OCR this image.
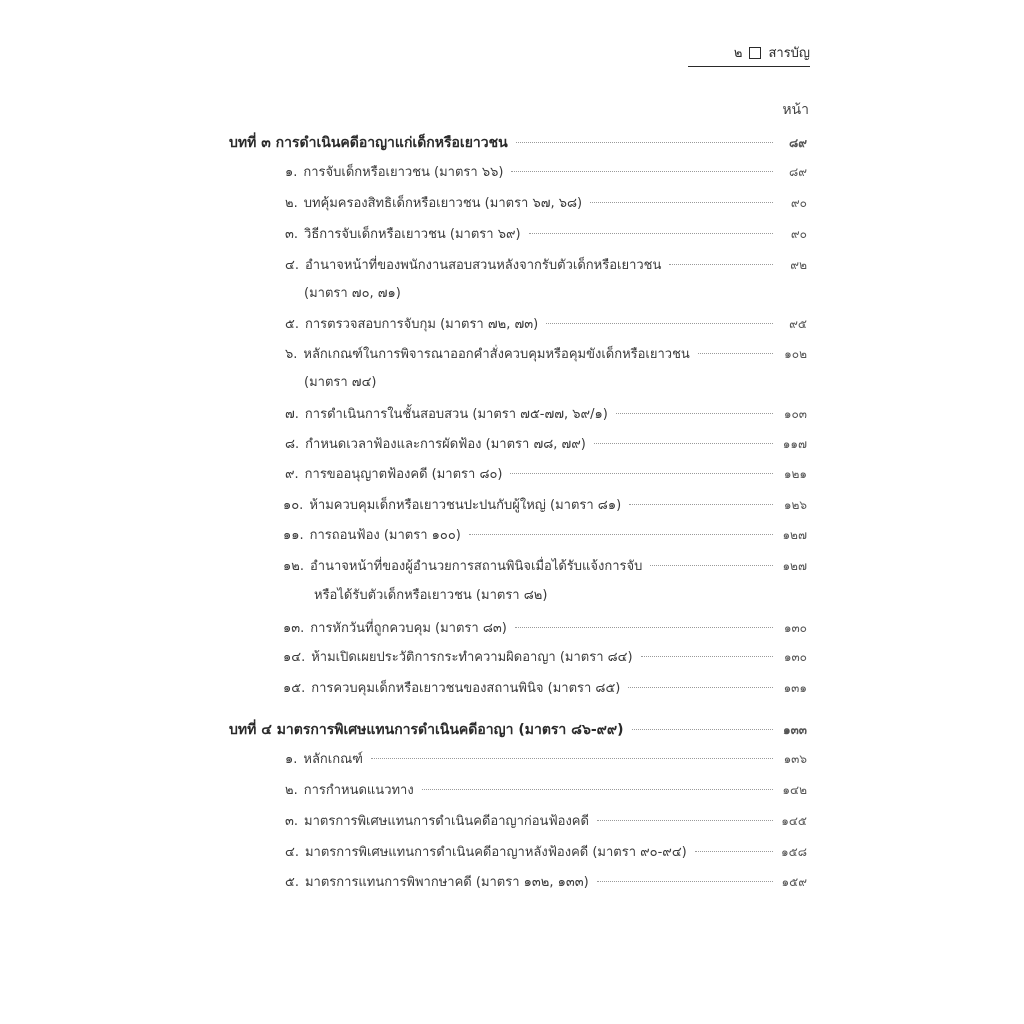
๒ สารบัญ
หน้า
บทที่ ๓ การดำเนินคดีอาญาแก่เด็กหรือเยาวชน	๘๙
๑. การจับเด็กหรือเยาวชน (มาตรา ๖๖)	๘๙
๒. บทคุ้มครองสิทธิเด็กหรือเยาวชน (มาตรา ๖๗, ๖๘)	๙๐
๓. วิธีการจับเด็กหรือเยาวชน (มาตรา ๖๙)	๙๐
๔. อำนาจหน้าที่ของพนักงานสอบสวนหลังจากรับตัวเด็กหรือเยาวชน	๙๒
(มาตรา ๗๐, ๗๑)
๕. การตรวจสอบการจับกุม (มาตรา ๗๒, ๗๓)	๙๕
๖. หลักเกณฑ์ในการพิจารณาออกคำสั่งควบคุมหรือคุมขังเด็กหรือเยาวชน	๑๐๒
(มาตรา ๗๔)
๗. การดำเนินการในชั้นสอบสวน (มาตรา ๗๕-๗๗, ๖๙/๑)	๑๐๓
๘. กำหนดเวลาฟ้องและการผัดฟ้อง (มาตรา ๗๘, ๗๙)	๑๑๗
๙. การขออนุญาตฟ้องคดี (มาตรา ๘๐)	๑๒๑
๑๐. ห้ามควบคุมเด็กหรือเยาวชนปะปนกับผู้ใหญ่ (มาตรา ๘๑)	๑๒๖
๑๑. การถอนฟ้อง (มาตรา ๑๐๐)	๑๒๗
๑๒. อำนาจหน้าที่ของผู้อำนวยการสถานพินิจเมื่อได้รับแจ้งการจับ	๑๒๗
หรือได้รับตัวเด็กหรือเยาวชน (มาตรา ๘๒)
๑๓. การหักวันที่ถูกควบคุม (มาตรา ๘๓)	๑๓๐
๑๔. ห้ามเปิดเผยประวัติการกระทำความผิดอาญา (มาตรา ๘๔)	๑๓๐
๑๕. การควบคุมเด็กหรือเยาวชนของสถานพินิจ (มาตรา ๘๕)	๑๓๑
บทที่ ๔ มาตรการพิเศษแทนการดำเนินคดีอาญา (มาตรา ๘๖-๙๙)	๑๓๓
๑. หลักเกณฑ์	๑๓๖
๒. การกำหนดแนวทาง	๑๔๒
๓. มาตรการพิเศษแทนการดำเนินคดีอาญาก่อนฟ้องคดี	๑๔๕
๔. มาตรการพิเศษแทนการดำเนินคดีอาญาหลังฟ้องคดี (มาตรา ๙๐-๙๔)	๑๕๘
๕. มาตรการแทนการพิพากษาคดี (มาตรา ๑๓๒, ๑๓๓)	๑๕๙
